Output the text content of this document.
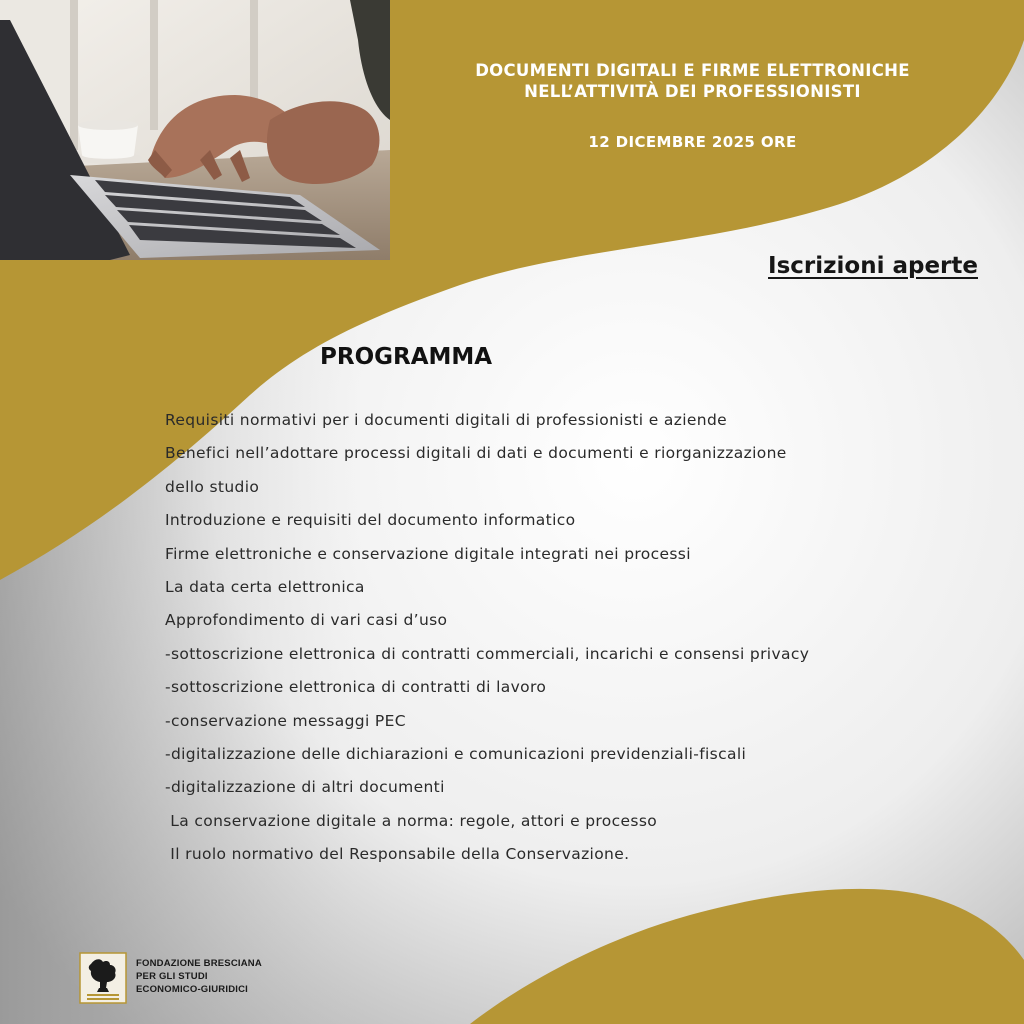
DOCUMENTI DIGITALI E FIRME ELETTRONICHE
NELL’ATTIVITÀ DEI PROFESSIONISTI
12 DICEMBRE 2025 ORE
Iscrizioni aperte
PROGRAMMA
Requisiti normativi per i documenti digitali di professionisti e aziende
Benefici nell’adottare processi digitali di dati e documenti e riorganizzazione
dello studio
Introduzione e requisiti del documento informatico
Firme elettroniche e conservazione digitale integrati nei processi
La data certa elettronica
Approfondimento di vari casi d’uso
-sottoscrizione elettronica di contratti commerciali, incarichi e consensi privacy
-sottoscrizione elettronica di contratti di lavoro
-conservazione messaggi PEC
-digitalizzazione delle dichiarazioni e comunicazioni previdenziali-fiscali
-digitalizzazione di altri documenti
La conservazione digitale a norma: regole, attori e processo
Il ruolo normativo del Responsabile della Conservazione.
FONDAZIONE BRESCIANA
PER GLI STUDI
ECONOMICO-GIURIDICI
